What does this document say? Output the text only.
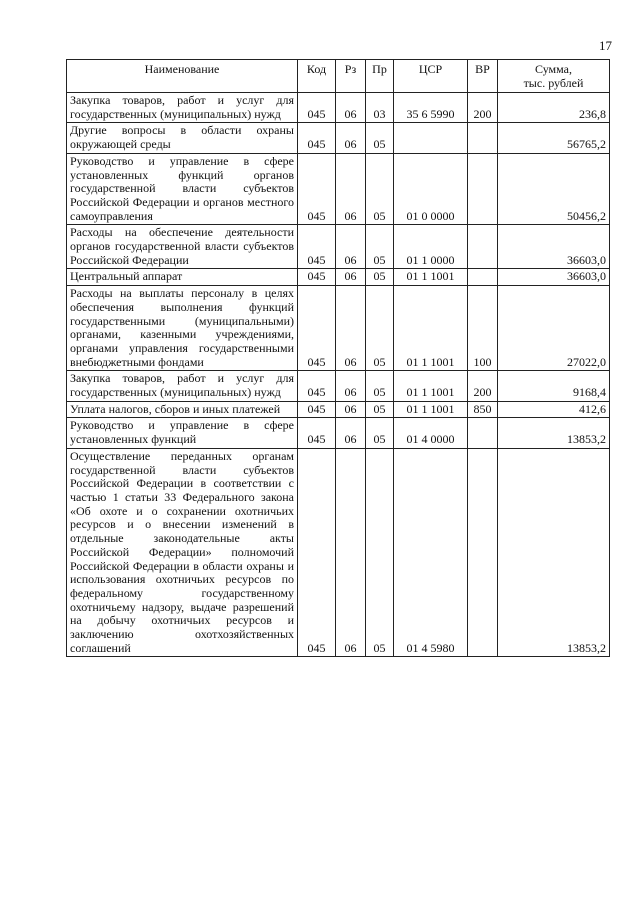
17
Наименование	Код	Рз	Пр	ЦСР	ВР	Сумма,
тыс. рублей

Закупка товаров, работ и услуг для государственных (муниципальных) нужд	045	06	03	35 6 5990	200	236,8
Другие вопросы в области охраны окружающей среды	045	06	05			56765,2
Руководство и управление в сфере установленных функций органов государственной власти субъектов Российской Федерации и органов местного самоуправления	045	06	05	01 0 0000		50456,2
Расходы на обеспечение деятельности органов государственной власти субъектов Российской Федерации	045	06	05	01 1 0000		36603,0
Центральный аппарат	045	06	05	01 1 1001		36603,0
Расходы на выплаты персоналу в целях обеспечения выполнения функций государственными (муниципальными) органами, казенными учреждениями, органами управления государственными внебюджетными фондами	045	06	05	01 1 1001	100	27022,0
Закупка товаров, работ и услуг для государственных (муниципальных) нужд	045	06	05	01 1 1001	200	9168,4
Уплата налогов, сборов и иных платежей	045	06	05	01 1 1001	850	412,6
Руководство и управление в сфере установленных функций	045	06	05	01 4 0000		13853,2
Осуществление переданных органам государственной власти субъектов Российской Федерации в соответствии с частью 1 статьи 33 Федерального закона «Об охоте и о сохранении охотничьих ресурсов и о внесении изменений в отдельные законодательные акты Российской Федерации» полномочий Российской Федерации в области охраны и использования охотничьих ресурсов по федеральному государственному охотничьему надзору, выдаче разрешений на добычу охотничьих ресурсов и заключению охотхозяйственных соглашений	045	06	05	01 4 5980		13853,2
